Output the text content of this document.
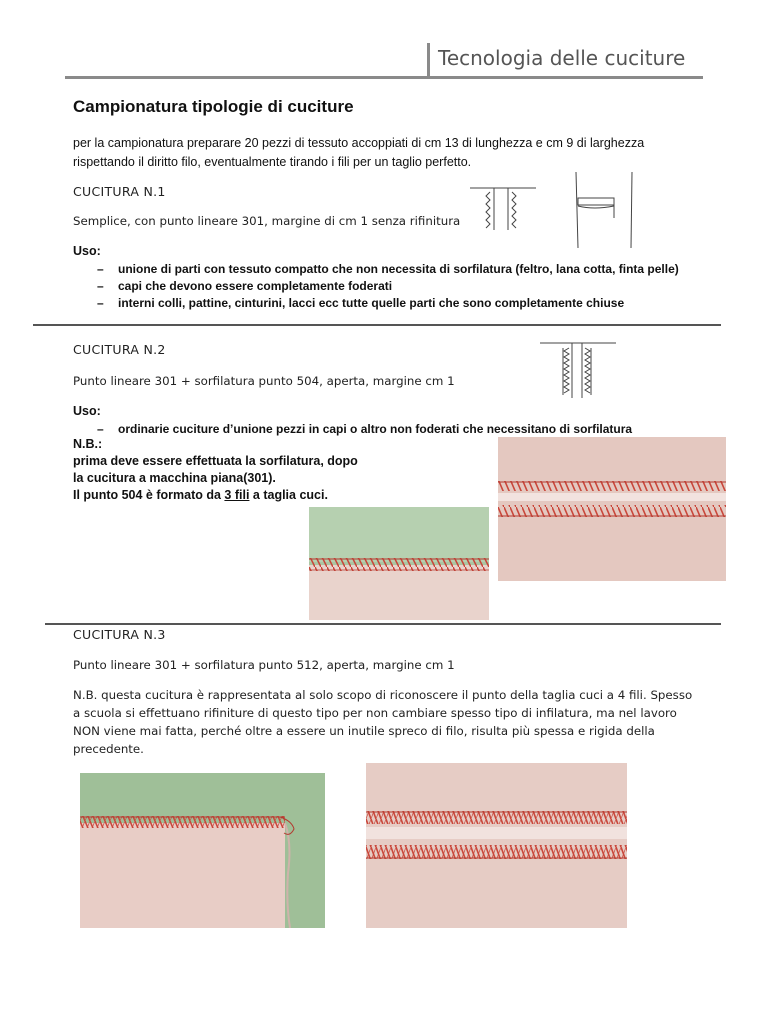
Tecnologia delle cuciture
Campionatura tipologie di cuciture
per la campionatura preparare 20 pezzi di tessuto accoppiati di cm 13 di lunghezza e cm 9 di larghezza rispettando il diritto filo, eventualmente tirando i fili per un taglio perfetto.
CUCITURA N.1
Semplice, con punto lineare 301, margine di cm 1 senza rifinitura
Uso:
– unione di parti con tessuto compatto che non necessita di sorfilatura (feltro, lana cotta, finta pelle)
– capi che devono essere completamente foderati
– interni colli, pattine, cinturini, lacci ecc tutte quelle parti che sono completamente chiuse
CUCITURA N.2
Punto lineare 301 + sorfilatura punto 504, aperta, margine cm 1
Uso:
– ordinarie cuciture d’unione pezzi in capi o altro non foderati che necessitano di sorfilatura
N.B.:
prima deve essere effettuata la sorfilatura, dopo
la cucitura a macchina piana(301).
Il punto 504 è formato da 3 fili a taglia cuci.
CUCITURA N.3
Punto lineare 301 + sorfilatura punto 512, aperta, margine cm 1
N.B. questa cucitura è rappresentata al solo scopo di riconoscere il punto della taglia cuci a 4 fili. Spesso a scuola si effettuano rifiniture di questo tipo per non cambiare spesso tipo di infilatura, ma nel lavoro NON viene mai fatta, perché oltre a essere un inutile spreco di filo, risulta più spessa e rigida della precedente.
